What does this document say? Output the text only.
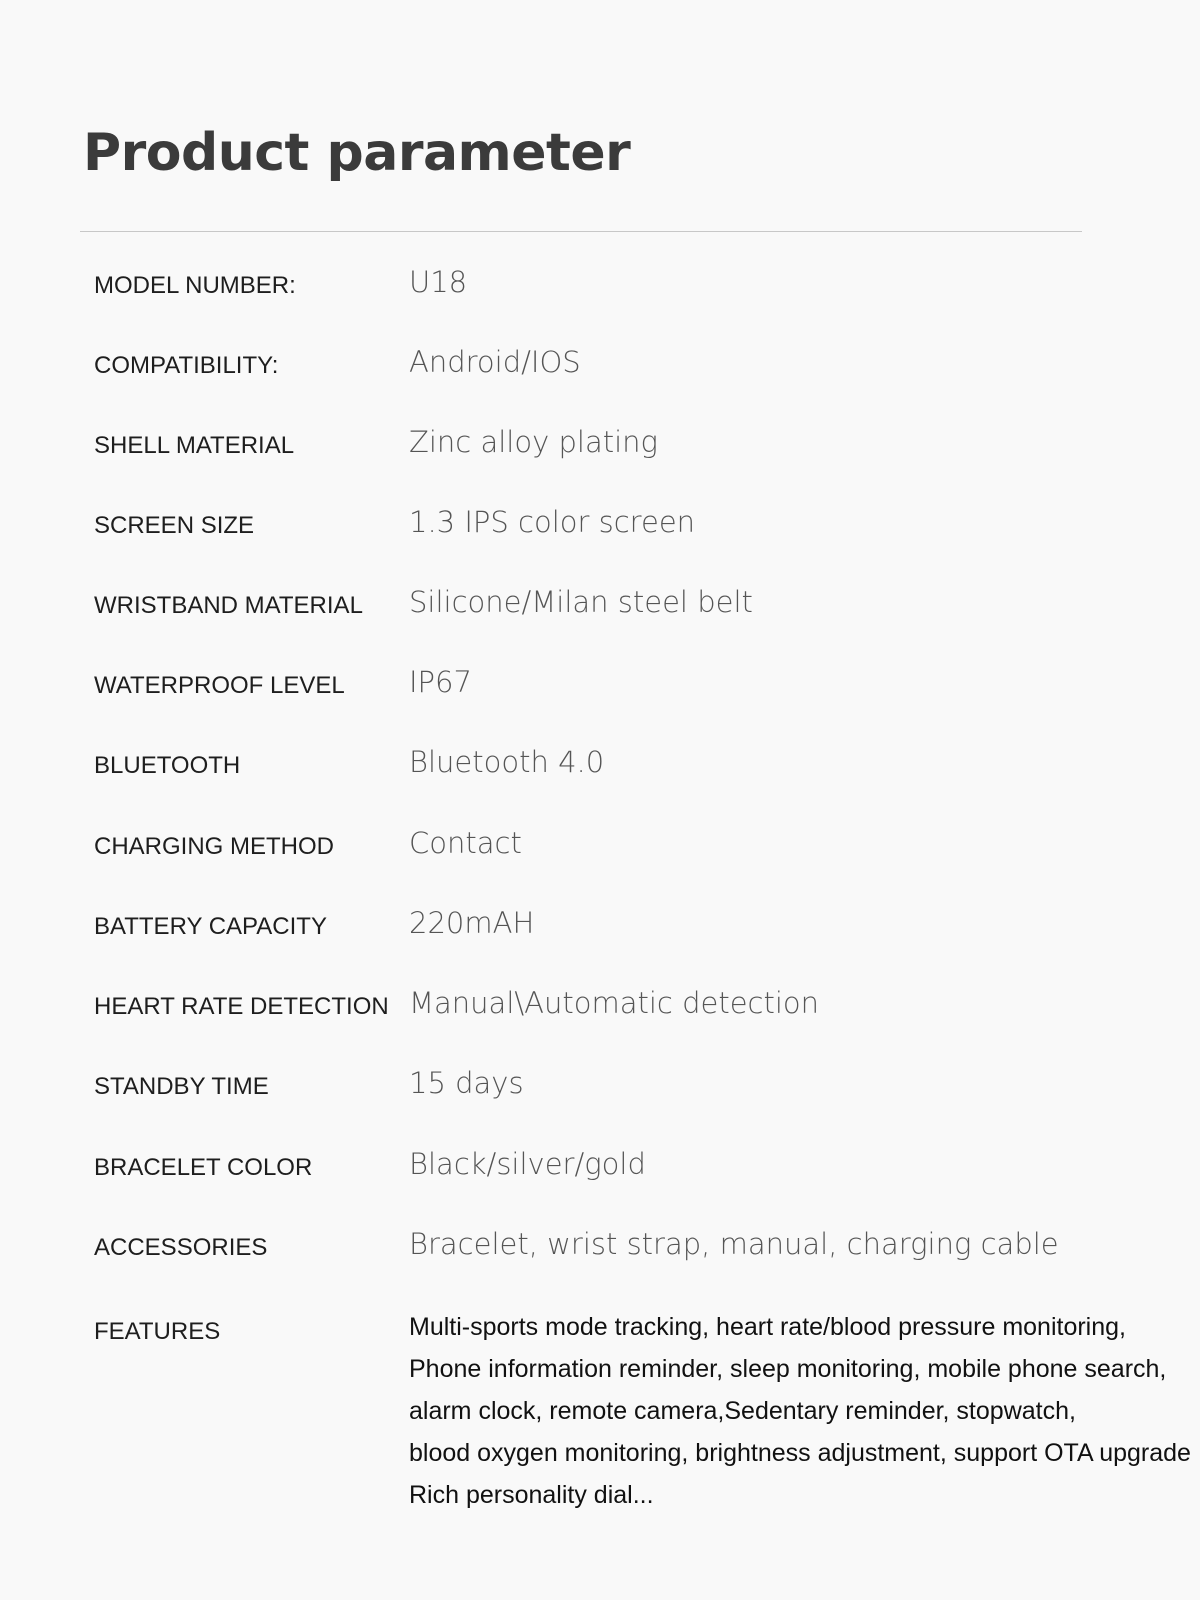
Product parameter
MODEL NUMBER:	U18
COMPATIBILITY:	Android/IOS
SHELL MATERIAL	Zinc alloy plating
SCREEN SIZE	1.3 IPS color screen
WRISTBAND MATERIAL Silicone/Milan steel belt
WATERPROOF LEVEL IP67
BLUETOOTH	Bluetooth 4.0
CHARGING METHOD	Contact
BATTERY CAPACITY	220mAH
HEART RATE DETECTION Manual\Automatic detection
STANDBY TIME	15 days
BRACELET COLOR	Black/silver/gold
ACCESSORIES	Bracelet, wrist strap, manual, charging cable
FEATURES	Multi-sports mode tracking, heart rate/blood pressure monitoring,
Phone information reminder, sleep monitoring, mobile phone search,
alarm clock, remote camera,Sedentary reminder, stopwatch,
blood oxygen monitoring, brightness adjustment, support OTA upgrade
Rich personality dial...
